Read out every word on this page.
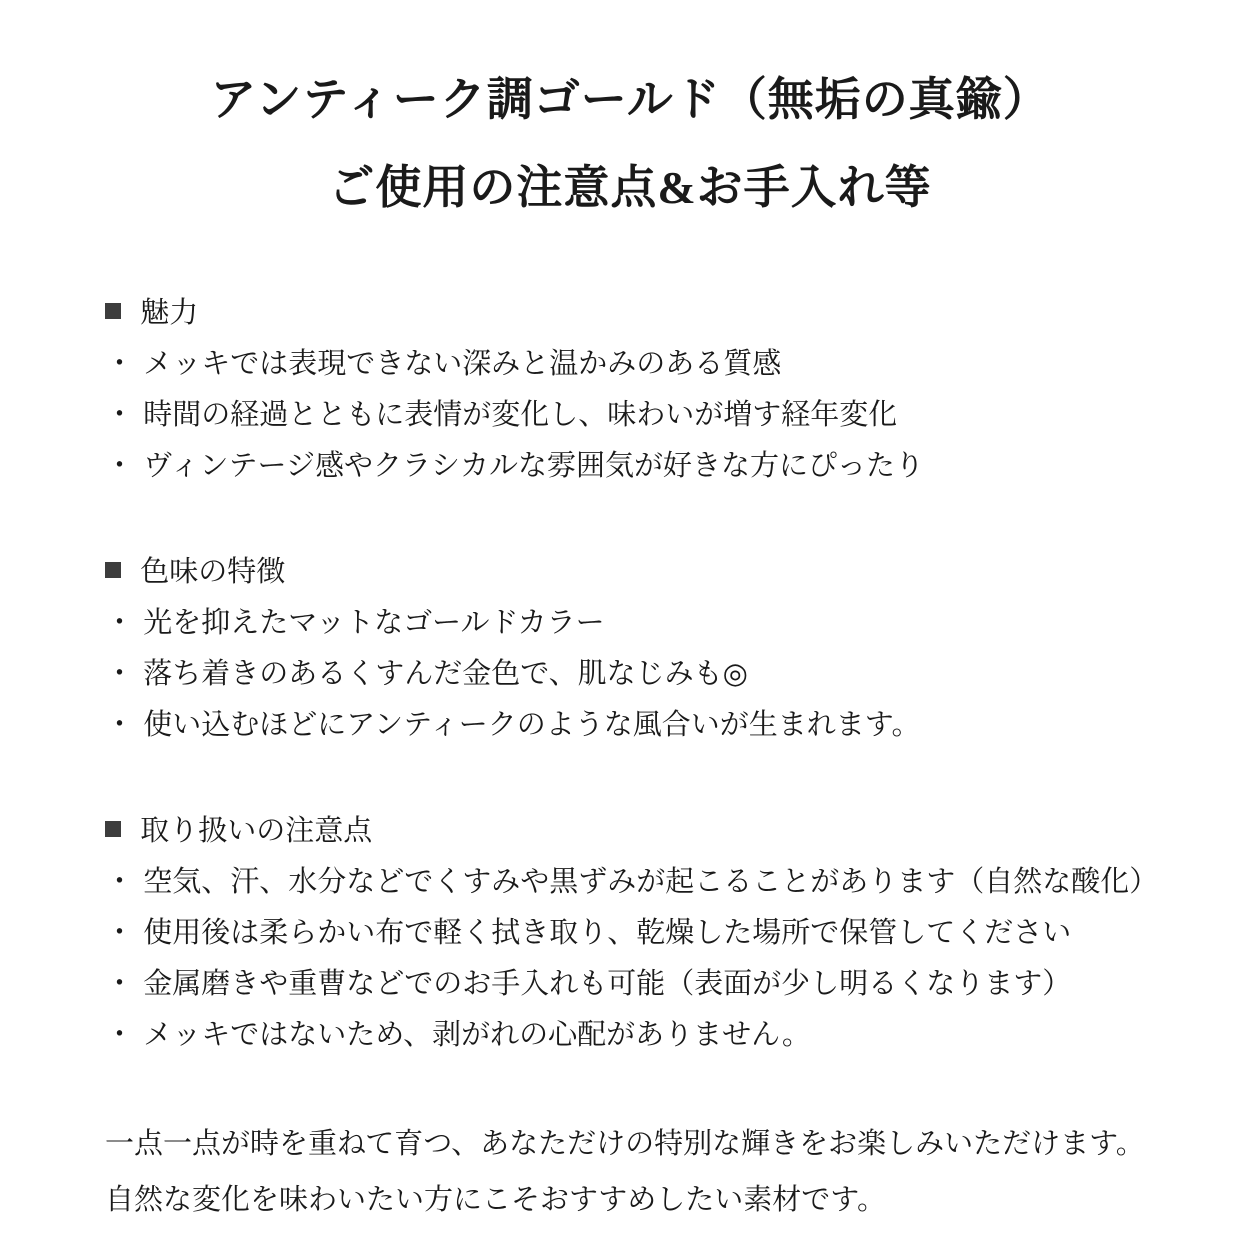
アンティーク調ゴールド（無垢の真鍮）
ご使用の注意点&お手入れ等
魅力
・ メッキでは表現できない深みと温かみのある質感
・ 時間の経過とともに表情が変化し、味わいが増す経年変化
・ ヴィンテージ感やクラシカルな雰囲気が好きな方にぴったり
色味の特徴
・ 光を抑えたマットなゴールドカラー
・ 落ち着きのあるくすんだ金色で、肌なじみも◎
・ 使い込むほどにアンティークのような風合いが生まれます。
取り扱いの注意点
・ 空気、汗、水分などでくすみや黒ずみが起こることがあります（自然な酸化）
・ 使用後は柔らかい布で軽く拭き取り、乾燥した場所で保管してください
・ 金属磨きや重曹などでのお手入れも可能（表面が少し明るくなります）
・ メッキではないため、剥がれの心配がありません。
一点一点が時を重ねて育つ、あなただけの特別な輝きをお楽しみいただけます。
自然な変化を味わいたい方にこそおすすめしたい素材です。
